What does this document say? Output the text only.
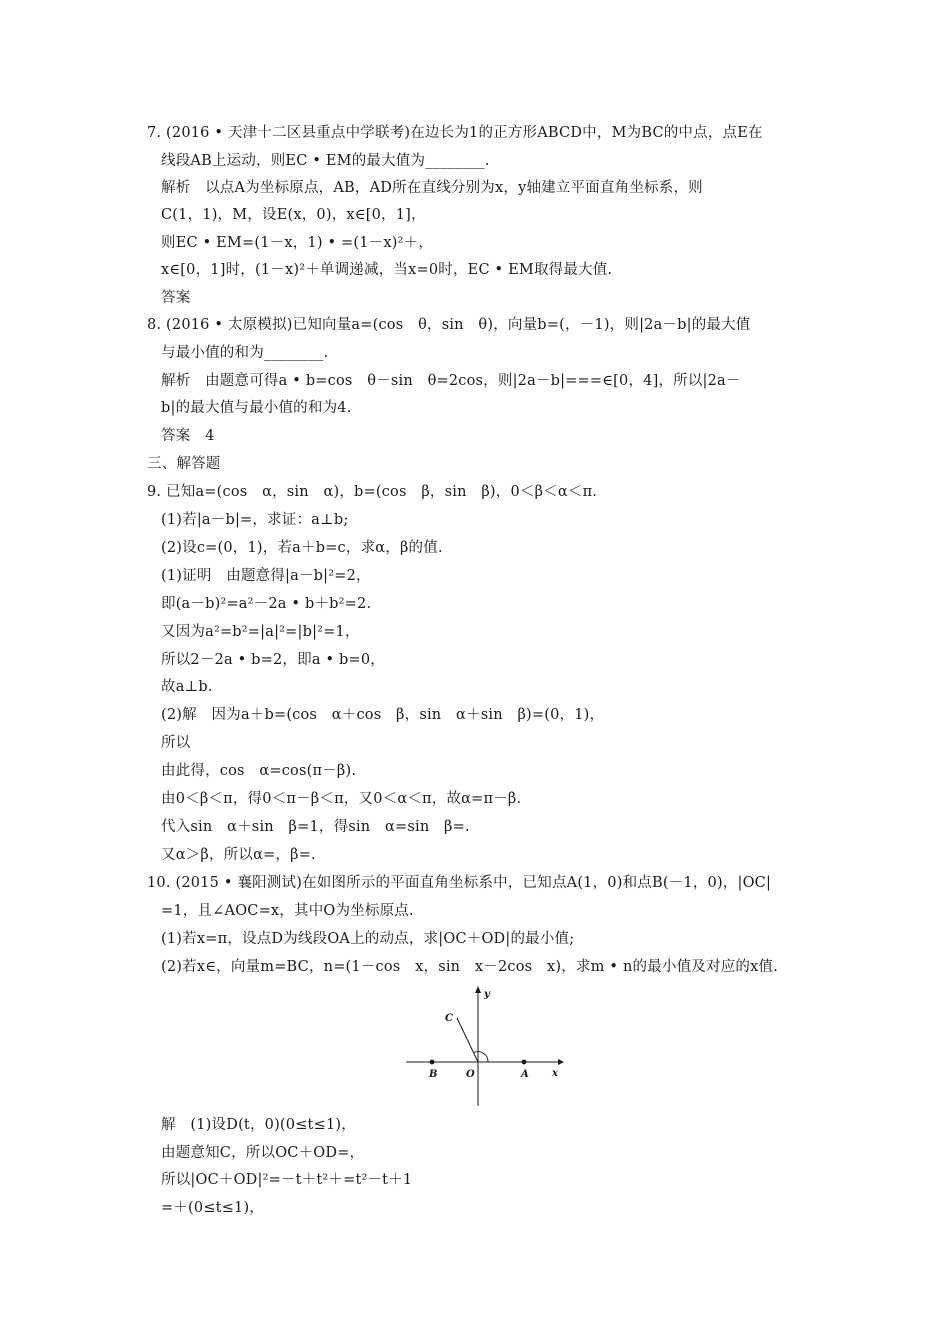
7. (2016 • 天津十二区县重点中学联考)在边长为1的正方形ABCD中，M为BC的中点，点E在
线段AB上运动，则EC • EM的最大值为________.
解析　以点A为坐标原点，AB，AD所在直线分别为x，y轴建立平面直角坐标系，则
C(1，1)，M，设E(x，0)，x∈[0，1]，
则EC • EM=(1－x，1) • =(1－x)²＋，
x∈[0，1]时，(1－x)²＋单调递减，当x=0时，EC • EM取得最大值.
答案
8. (2016 • 太原模拟)已知向量a=(cos　θ，sin　θ)，向量b=(，－1)，则|2a－b|的最大值
与最小值的和为________.
解析　由题意可得a • b=cos　θ－sin　θ=2cos，则|2a－b|===∈[0，4]，所以|2a－
b|的最大值与最小值的和为4.
答案　4
三、解答题
9. 已知a=(cos　α，sin　α)，b=(cos　β，sin　β)，0＜β＜α＜π.
(1)若|a－b|=，求证：a⊥b;
(2)设c=(0，1)，若a＋b=c，求α，β的值.
(1)证明　由题意得|a－b|²=2，
即(a－b)²=a²－2a • b＋b²=2.
又因为a²=b²=|a|²=|b|²=1，
所以2－2a • b=2，即a • b=0，
故a⊥b.
(2)解　因为a＋b=(cos　α＋cos　β，sin　α＋sin　β)=(0，1)，
所以
由此得，cos　α=cos(π－β).
由0＜β＜π，得0＜π－β＜π，又0＜α＜π，故α=π－β.
代入sin　α＋sin　β=1，得sin　α=sin　β=.
又α＞β，所以α=，β=.
10. (2015 • 襄阳测试)在如图所示的平面直角坐标系中，已知点A(1，0)和点B(－1，0)，|OC|
=1，且∠AOC=x，其中O为坐标原点.
(1)若x=π，设点D为线段OA上的动点，求|OC＋OD|的最小值;
(2)若x∈，向量m=BC，n=(1－cos　x，sin　x－2cos　x)，求m • n的最小值及对应的x值.
解　(1)设D(t，0)(0≤t≤1)，
由题意知C，所以OC＋OD=，
所以|OC＋OD|²=－t＋t²＋=t²－t＋1
=＋(0≤t≤1)，
C
y
B	O	A x
